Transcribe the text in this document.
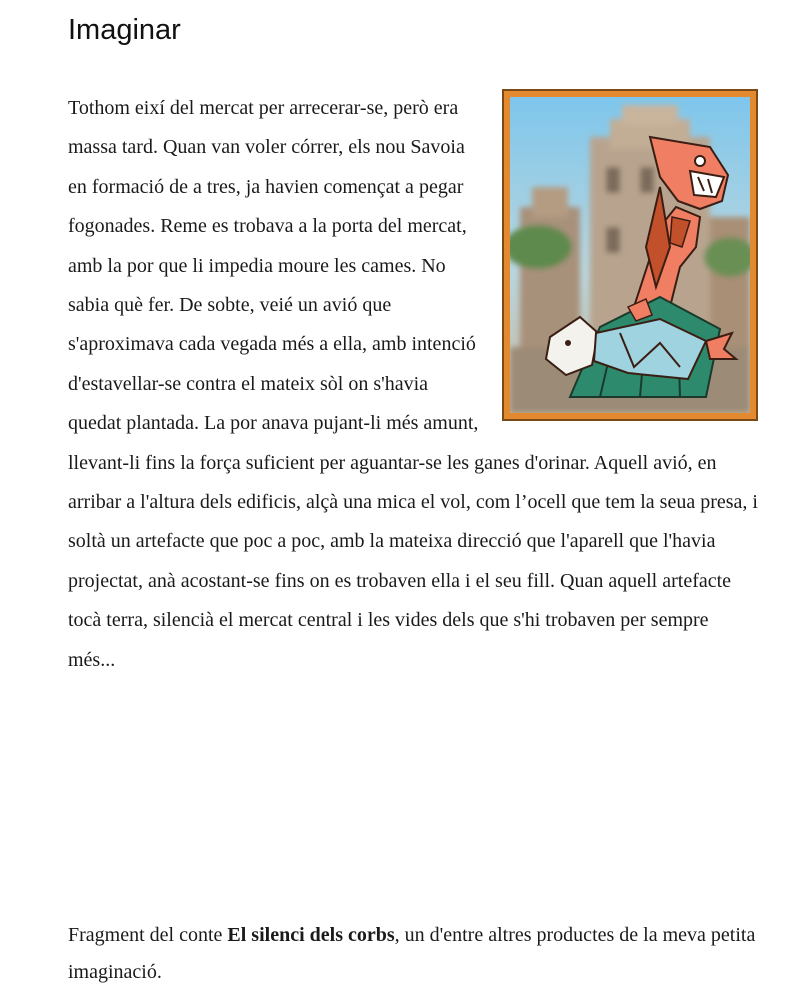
Imaginar

Tothom eixí del mercat per arrecerar-se, però era massa tard. Quan van voler córrer, els nou Savoia en formació de a tres, ja havien començat a pegar fogonades. Reme es trobava a la porta del mercat, amb la por que li impedia moure les cames. No sabia què fer. De sobte, veié un avió que s'aproximava cada vegada més a ella, amb intenció d'estavellar-se contra el mateix sòl on s'havia quedat plantada. La por anava pujant-li més amunt, llevant-li fins la força suficient per aguantar-se les ganes d'orinar. Aquell avió, en arribar a l'altura dels edificis, alçà una mica el vol, com l’ocell que tem la seua presa, i soltà un artefacte que poc a poc, amb la mateixa direcció que l'aparell que l'havia projectat, anà acostant-se fins on es trobaven ella i el seu fill. Quan aquell artefacte tocà terra, silencià el mercat central i les vides dels que s'hi trobaven per sempre més...

Fragment del conte El silenci dels corbs, un d'entre altres productes de la meva petita imaginació.
